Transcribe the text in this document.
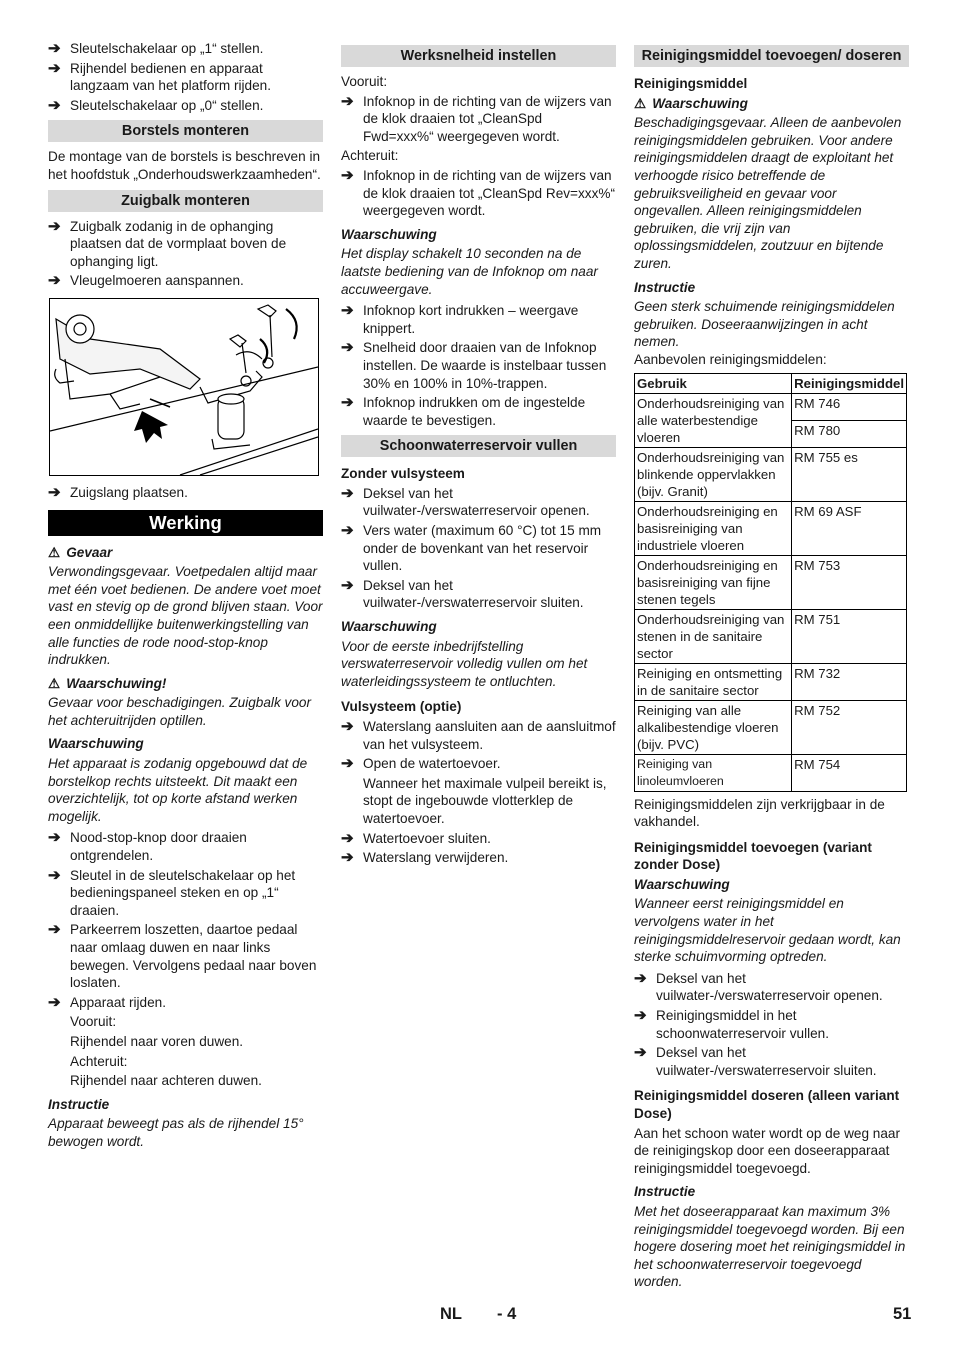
➔ Sleutelschakelaar op „1“ stellen.
➔ Rijhendel bedienen en apparaat langzaam van het platform rijden.
➔ Sleutelschakelaar op „0“ stellen.
Borstels monteren
De montage van de borstels is beschreven in het hoofdstuk „Onderhoudswerkzaamheden“.
Zuigbalk monteren
➔ Zuigbalk zodanig in de ophanging plaatsen dat de vormplaat boven de ophanging ligt.
➔ Vleugelmoeren aanspannen.
➔ Zuigslang plaatsen.
Werking
⚠ Gevaar
Verwondingsgevaar. Voetpedalen altijd maar met één voet bedienen. De andere voet moet vast en stevig op de grond blijven staan. Voor een onmiddellijke buitenwerkingstelling van alle functies de rode nood-stop-knop indrukken.
⚠ Waarschuwing!
Gevaar voor beschadigingen. Zuigbalk voor het achteruitrijden optillen.
Waarschuwing
Het apparaat is zodanig opgebouwd dat de borstelkop rechts uitsteekt. Dit maakt een overzichtelijk, tot op korte afstand werken mogelijk.
➔ Nood-stop-knop door draaien ontgrendelen.
➔ Sleutel in de sleutelschakelaar op het bedieningspaneel steken en op „1“ draaien.
➔ Parkeerrem loszetten, daartoe pedaal naar omlaag duwen en naar links bewegen. Vervolgens pedaal naar boven loslaten.
➔ Apparaat rijden.
Vooruit:
Rijhendel naar voren duwen.
Achteruit:
Rijhendel naar achteren duwen.
Instructie
Apparaat beweegt pas als de rijhendel 15° bewogen wordt.
Werksnelheid instellen
Vooruit:
➔ Infoknop in de richting van de wijzers van de klok draaien tot „CleanSpd Fwd=xxx%“ weergegeven wordt.
Achteruit:
➔ Infoknop in de richting van de wijzers van de klok draaien tot „CleanSpd Rev=xxx%“ weergegeven wordt.
Waarschuwing
Het display schakelt 10 seconden na de laatste bediening van de Infoknop om naar accuweergave.
➔ Infoknop kort indrukken – weergave knippert.
➔ Snelheid door draaien van de Infoknop instellen. De waarde is instelbaar tussen 30% en 100% in 10%-trappen.
➔ Infoknop indrukken om de ingestelde waarde te bevestigen.
Schoonwaterreservoir vullen
Zonder vulsysteem
➔ Deksel van het vuilwater-/verswaterreservoir openen.
➔ Vers water (maximum 60 °C) tot 15 mm onder de bovenkant van het reservoir vullen.
➔ Deksel van het vuilwater-/verswaterreservoir sluiten.
Waarschuwing
Voor de eerste inbedrijfstelling verswaterreservoir volledig vullen om het waterleidingssysteem te ontluchten.
Vulsysteem (optie)
➔ Waterslang aansluiten aan de aansluitmof van het vulsysteem.
➔ Open de watertoevoer.
Wanneer het maximale vulpeil bereikt is, stopt de ingebouwde vlotterklep de watertoevoer.
➔ Watertoevoer sluiten.
➔ Waterslang verwijderen.
Reinigingsmiddel toevoegen/ doseren
Reinigingsmiddel
⚠ Waarschuwing
Beschadigingsgevaar. Alleen de aanbevolen reinigingsmiddelen gebruiken. Voor andere reinigingsmiddelen draagt de exploitant het verhoogde risico betreffende de gebruiksveiligheid en gevaar voor ongevallen. Alleen reinigingsmiddelen gebruiken, die vrij zijn van oplossingsmiddelen, zoutzuur en bijtende zuren.
Instructie
Geen sterk schuimende reinigingsmiddelen gebruiken. Doseeraanwijzingen in acht nemen.
Aanbevolen reinigingsmiddelen:
Gebruik	Reinigingsmiddel
Onderhoudsreiniging van alle waterbestendige vloeren	RM 746
	RM 780
Onderhoudsreiniging van blinkende oppervlakken (bijv. Granit)	RM 755 es
Onderhoudsreiniging en basisreiniging van industriele vloeren	RM 69 ASF
Onderhoudsreiniging en basisreiniging van fijne stenen tegels	RM 753
Onderhoudsreiniging van stenen in de sanitaire sector	RM 751
Reiniging en ontsmetting in de sanitaire sector	RM 732
Reiniging van alle alkalibestendige vloeren (bijv. PVC)	RM 752
Reiniging van linoleumvloeren	RM 754
Reinigingsmiddelen zijn verkrijgbaar in de vakhandel.
Reinigingsmiddel toevoegen (variant zonder Dose)
Waarschuwing
Wanneer eerst reinigingsmiddel en vervolgens water in het reinigingsmiddelreservoir gedaan wordt, kan sterke schuimvorming optreden.
➔ Deksel van het vuilwater-/verswaterreservoir openen.
➔ Reinigingsmiddel in het schoonwaterreservoir vullen.
➔ Deksel van het vuilwater-/verswaterreservoir sluiten.
Reinigingsmiddel doseren (alleen variant Dose)
Aan het schoon water wordt op de weg naar de reinigingskop door een doseerapparaat reinigingsmiddel toegevoegd.
Instructie
Met het doseerapparaat kan maximum 3% reinigingsmiddel toegevoegd worden. Bij een hogere dosering moet het reinigingsmiddel in het schoonwaterreservoir toegevoegd worden.
NL - 4	51
